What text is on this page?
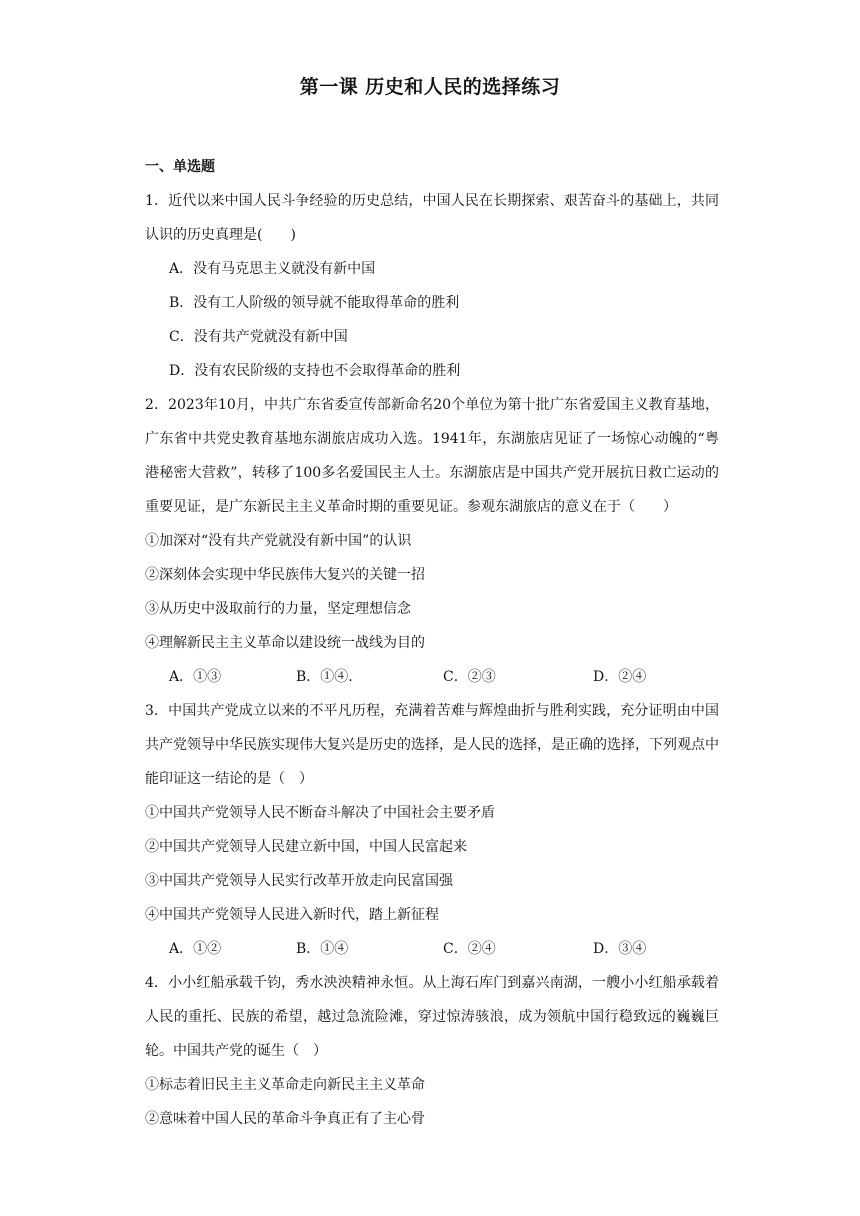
第一课 历史和人民的选择练习
一、单选题
1．近代以来中国人民斗争经验的历史总结，中国人民在长期探索、艰苦奋斗的基础上，共同认识的历史真理是(　　)
A．没有马克思主义就没有新中国
B．没有工人阶级的领导就不能取得革命的胜利
C．没有共产党就没有新中国
D．没有农民阶级的支持也不会取得革命的胜利
2．2023年10月，中共广东省委宣传部新命名20个单位为第十批广东省爱国主义教育基地，广东省中共党史教育基地东湖旅店成功入选。1941年，东湖旅店见证了一场惊心动魄的“粤港秘密大营救”，转移了100多名爱国民主人士。东湖旅店是中国共产党开展抗日救亡运动的重要见证，是广东新民主主义革命时期的重要见证。参观东湖旅店的意义在于（　　）
①加深对“没有共产党就没有新中国”的认识
②深刻体会实现中华民族伟大复兴的关键一招
③从历史中汲取前行的力量，坚定理想信念
④理解新民主主义革命以建设统一战线为目的
A．①③	B．①④.	C．②③	D．②④
3．中国共产党成立以来的不平凡历程，充满着苦难与辉煌曲折与胜利实践，充分证明由中国共产党领导中华民族实现伟大复兴是历史的选择，是人民的选择，是正确的选择，下列观点中能印证这一结论的是（　）
①中国共产党领导人民不断奋斗解决了中国社会主要矛盾
②中国共产党领导人民建立新中国，中国人民富起来
③中国共产党领导人民实行改革开放走向民富国强
④中国共产党领导人民进入新时代，踏上新征程
A．①②	B．①④	C．②④	D．③④
4．小小红船承载千钧，秀水泱泱精神永恒。从上海石库门到嘉兴南湖，一艘小小红船承载着人民的重托、民族的希望，越过急流险滩，穿过惊涛骇浪，成为领航中国行稳致远的巍巍巨轮。中国共产党的诞生（　）
①标志着旧民主主义革命走向新民主主义革命
②意味着中国人民的革命斗争真正有了主心骨
